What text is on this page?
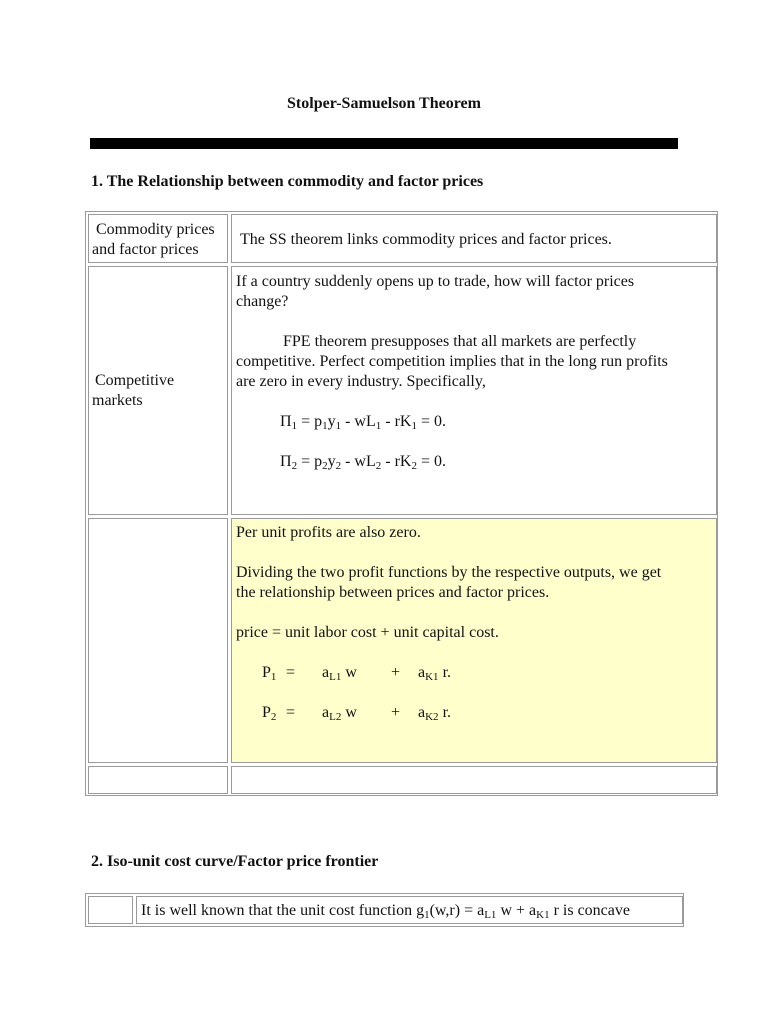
Stolper-Samuelson Theorem
1. The Relationship between commodity and factor prices
Commodity prices
and factor prices
The SS theorem links commodity prices and factor prices.
Competitive
markets
If a country suddenly opens up to trade, how will factor prices
change?
FPE theorem presupposes that all markets are perfectly
competitive. Perfect competition implies that in the long run profits
are zero in every industry. Specifically,
Π1 = p1y1 - wL1 - rK1 = 0.
Π2 = p2y2 - wL2 - rK2 = 0.
Per unit profits are also zero.
Dividing the two profit functions by the respective outputs, we get
the relationship between prices and factor prices.
price = unit labor cost + unit capital cost.
P1 = aL1 w + aK1 r.
P2 = aL2 w + aK2 r.
2. Iso-unit cost curve/Factor price frontier
It is well known that the unit cost function g1(w,r) = aL1 w + aK1 r is concave
